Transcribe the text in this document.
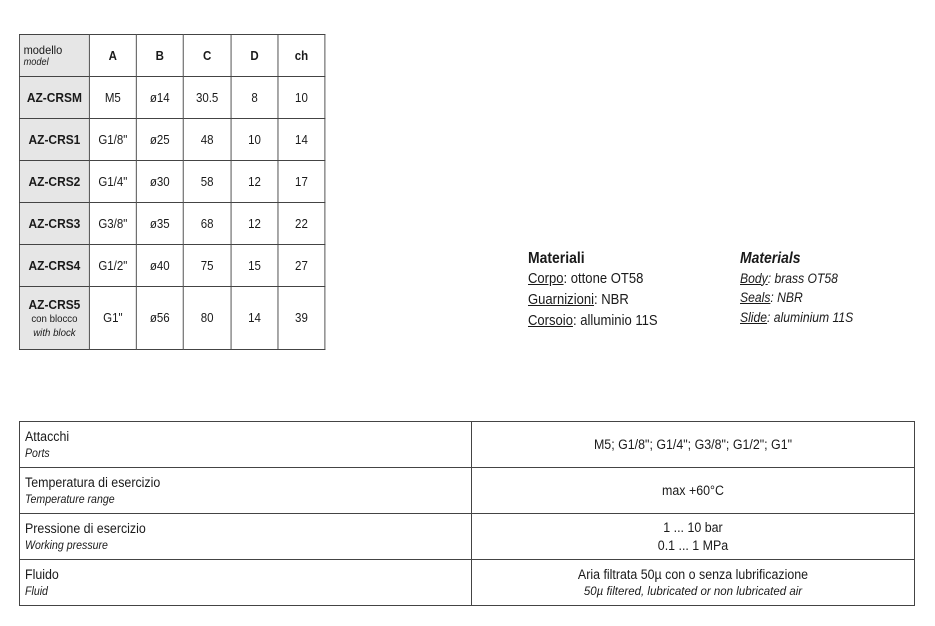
modello
model	A	B	C	D	ch
AZ-CRSM	M5	ø14	30.5	8	10
AZ-CRS1	G1/8"	ø25	48	10	14
AZ-CRS2	G1/4"	ø30	58	12	17
AZ-CRS3	G3/8"	ø35	68	12	22
AZ-CRS4	G1/2"	ø40	75	15	27
AZ-CRS5
con blocco
with block	G1"	ø56	80	14	39
Materiali
Corpo: ottone OT58
Guarnizioni: NBR
Corsoio: alluminio 11S
Materials
Body: brass OT58
Seals: NBR
Slide: aluminium 11S
Attacchi
Ports	M5; G1/8"; G1/4"; G3/8"; G1/2"; G1"

Temperatura di esercizio
Temperature range	max +60°C

Pressione di esercizio
Working pressure	1 ... 10 bar
0.1 ... 1 MPa

Fluido
Fluid	Aria filtrata 50µ con o senza lubrificazione
50µ filtered, lubricated or non lubricated air
